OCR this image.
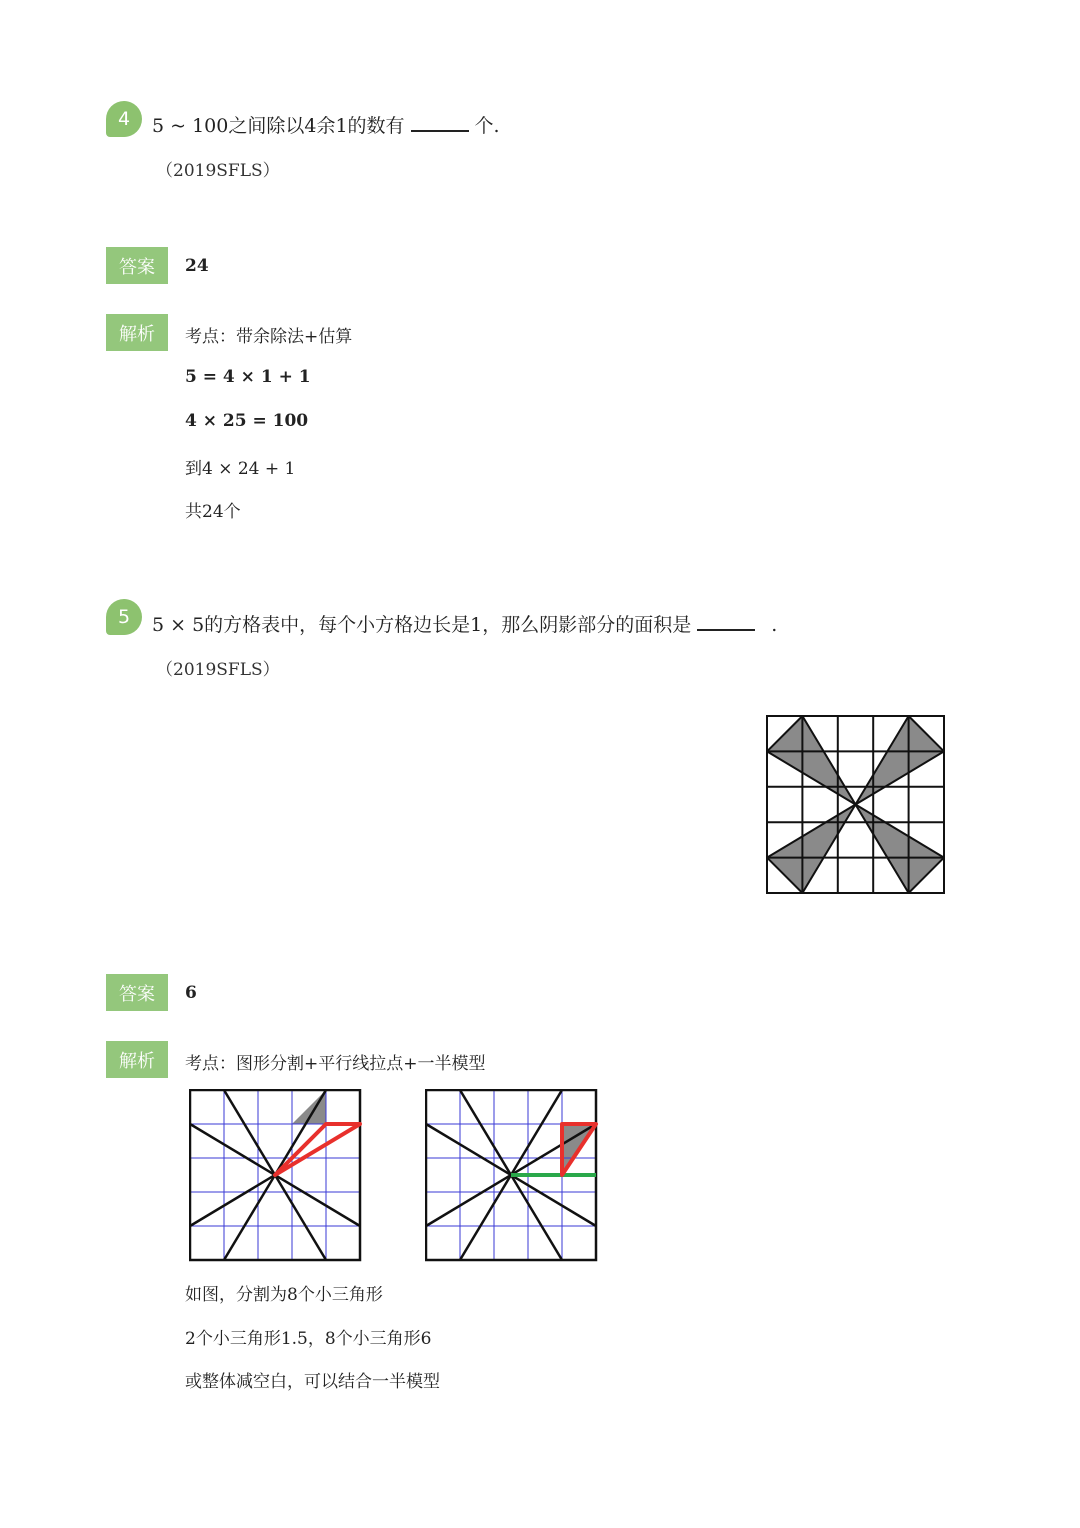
4 5 ~ 100之间除以4余1的数有	个.
（2019SFLS）
答案	24
解析	考点：带余除法+估算
5 = 4 × 1 + 1
4 × 25 = 100
到4 × 24 + 1
共24个
5 5 × 5的方格表中，每个小方格边长是1，那么阴影部分的面积是	.
（2019SFLS）
答案	6
解析	考点：图形分割+平行线拉点+一半模型
如图，分割为8个小三角形
2个小三角形1.5，8个小三角形6
或整体减空白，可以结合一半模型
